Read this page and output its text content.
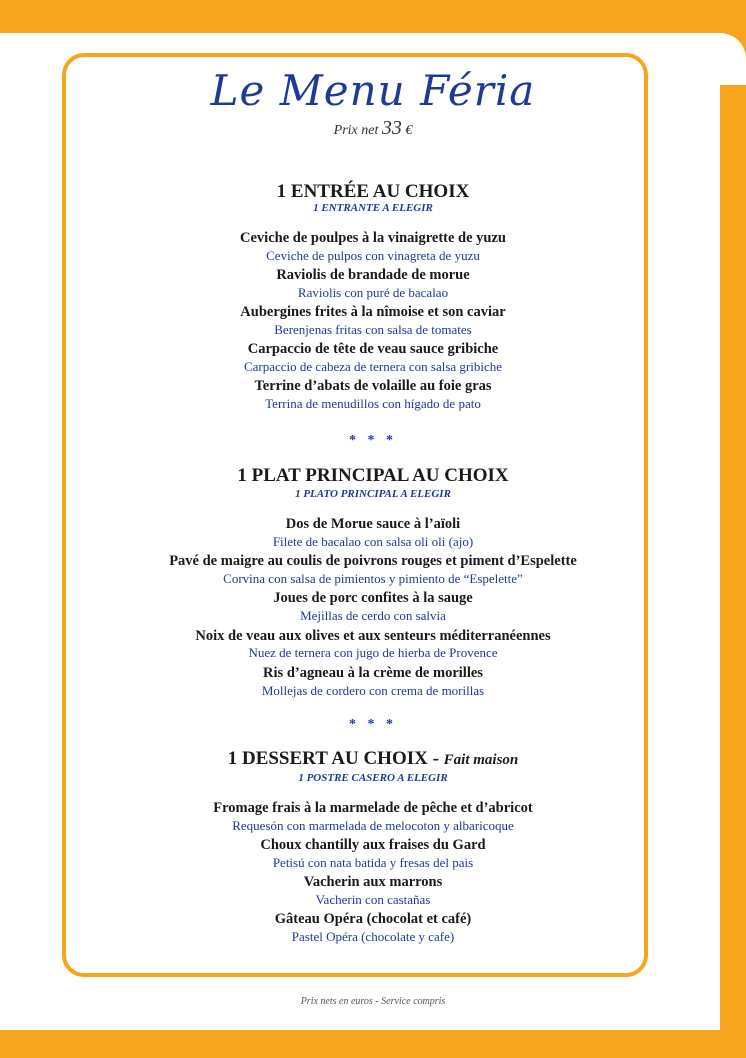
Le Menu Féria
Prix net 33 €
1 ENTRÉE AU CHOIX
1 ENTRANTE A ELEGIR
Ceviche de poulpes à la vinaigrette de yuzu
Ceviche de pulpos con vinagreta de yuzu
Raviolis de brandade de morue
Raviolis con puré de bacalao
Aubergines frites à la nîmoise et son caviar
Berenjenas fritas con salsa de tomates
Carpaccio de tête de veau sauce gribiche
Carpaccio de cabeza de ternera con salsa gribiche
Terrine d’abats de volaille au foie gras
Terrina de menudillos con hígado de pato
* * *
1 PLAT PRINCIPAL AU CHOIX
1 PLATO PRINCIPAL A ELEGIR
Dos de Morue sauce à l’aïoli
Filete de bacalao con salsa oli oli (ajo)
Pavé de maigre au coulis de poivrons rouges et piment d’Espelette
Corvina con salsa de pimientos y pimiento de “Espelette”
Joues de porc confites à la sauge
Mejillas de cerdo con salvia
Noix de veau aux olives et aux senteurs méditerranéennes
Nuez de ternera con jugo de hierba de Provence
Ris d’agneau à la crème de morilles
Mollejas de cordero con crema de morillas
* * *
1 DESSERT AU CHOIX - Fait maison
1 POSTRE CASERO A ELEGIR
Fromage frais à la marmelade de pêche et d’abricot
Requesón con marmelada de melocoton y albaricoque
Choux chantilly aux fraises du Gard
Petisú con nata batida y fresas del pais
Vacherin aux marrons
Vacherin con castañas
Gâteau Opéra (chocolat et café)
Pastel Opéra (chocolate y cafe)
Prix nets en euros - Service compris
